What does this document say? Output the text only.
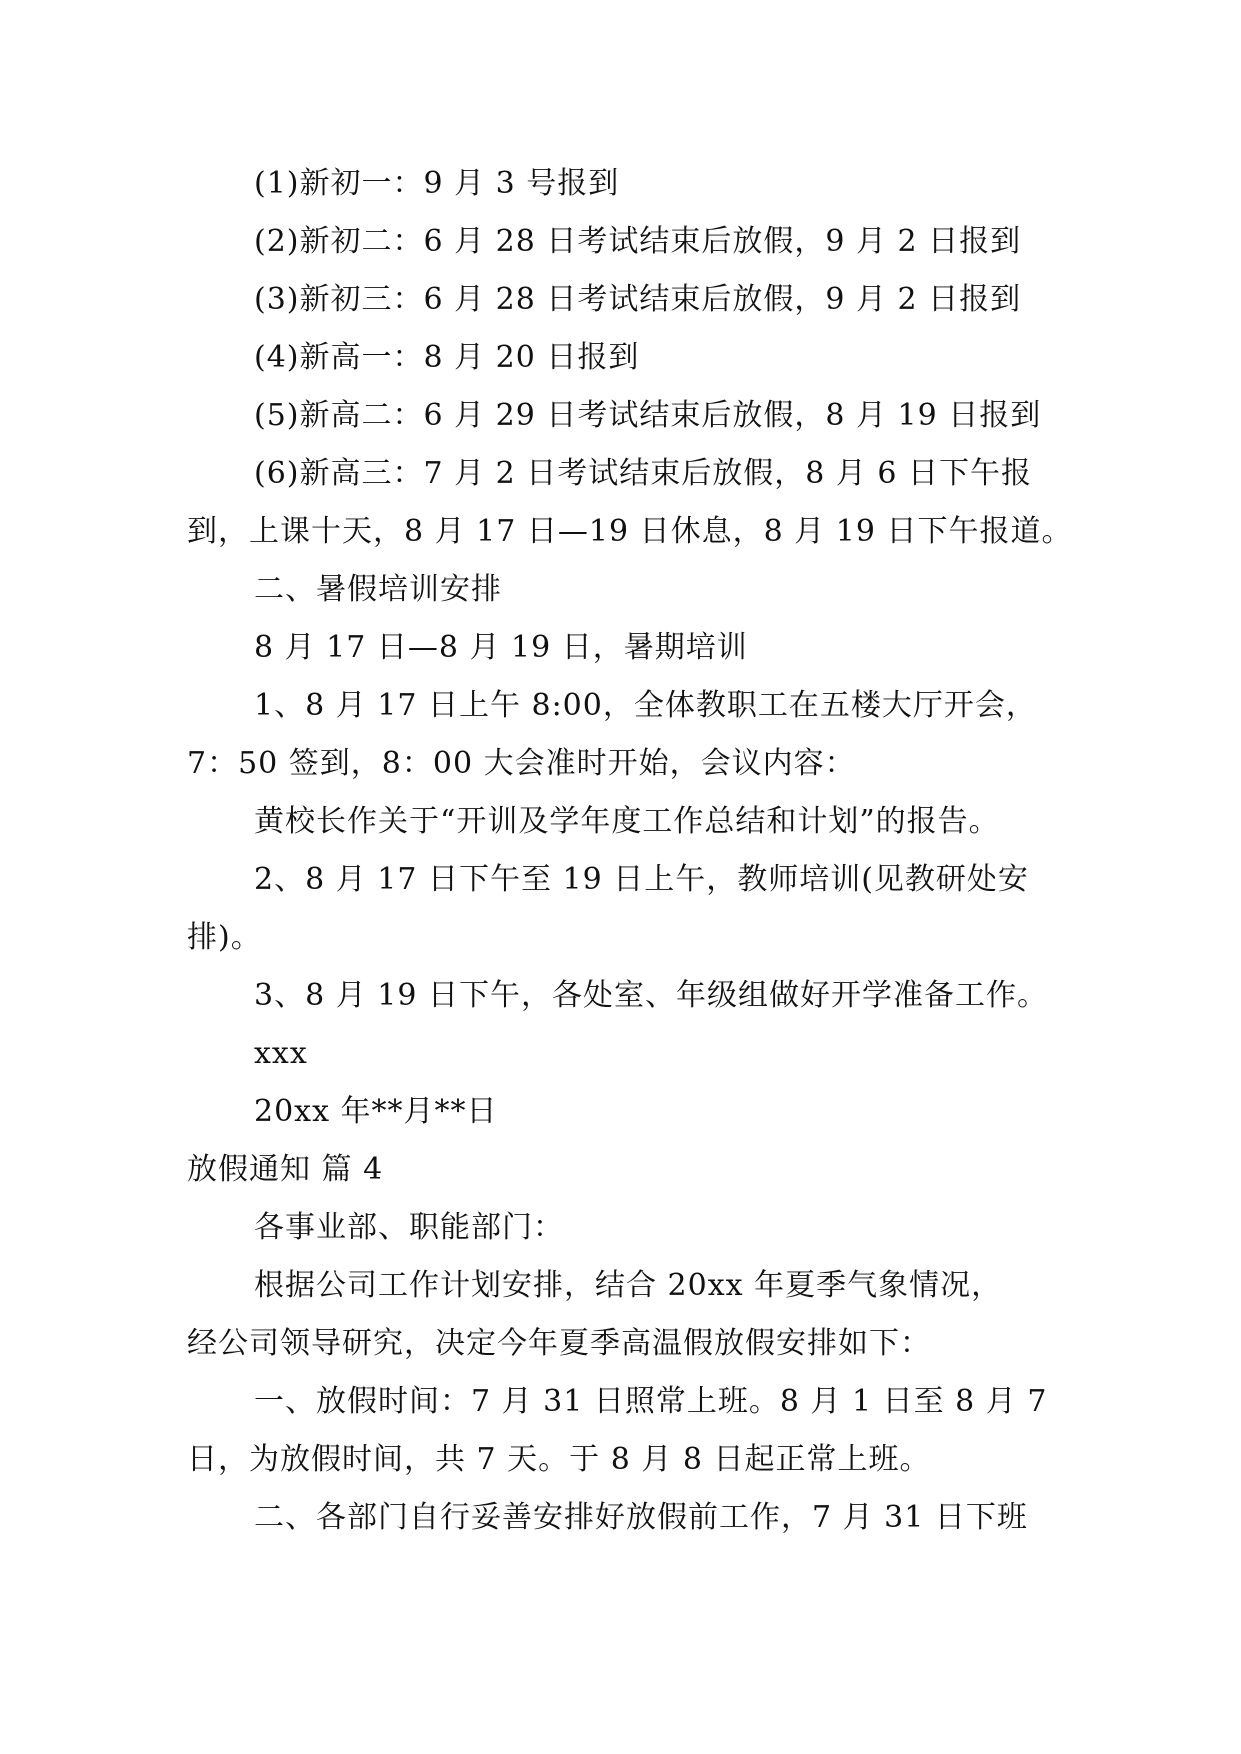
(1)新初一：9 月 3 号报到
(2)新初二：6 月 28 日考试结束后放假，9 月 2 日报到
(3)新初三：6 月 28 日考试结束后放假，9 月 2 日报到
(4)新高一：8 月 20 日报到
(5)新高二：6 月 29 日考试结束后放假，8 月 19 日报到
(6)新高三：7 月 2 日考试结束后放假，8 月 6 日下午报
到，上课十天，8 月 17 日—19 日休息，8 月 19 日下午报道。
二、暑假培训安排
8 月 17 日—8 月 19 日，暑期培训
1、8 月 17 日上午 8:00，全体教职工在五楼大厅开会，
7：50 签到，8：00 大会准时开始，会议内容：
黄校长作关于“开训及学年度工作总结和计划”的报告。
2、8 月 17 日下午至 19 日上午，教师培训(见教研处安
排)。
3、8 月 19 日下午，各处室、年级组做好开学准备工作。
xxx
20xx 年**月**日
放假通知 篇 4
各事业部、职能部门：
根据公司工作计划安排，结合 20xx 年夏季气象情况，
经公司领导研究，决定今年夏季高温假放假安排如下：
一、放假时间：7 月 31 日照常上班。8 月 1 日至 8 月 7
日，为放假时间，共 7 天。于 8 月 8 日起正常上班。
二、各部门自行妥善安排好放假前工作，7 月 31 日下班
